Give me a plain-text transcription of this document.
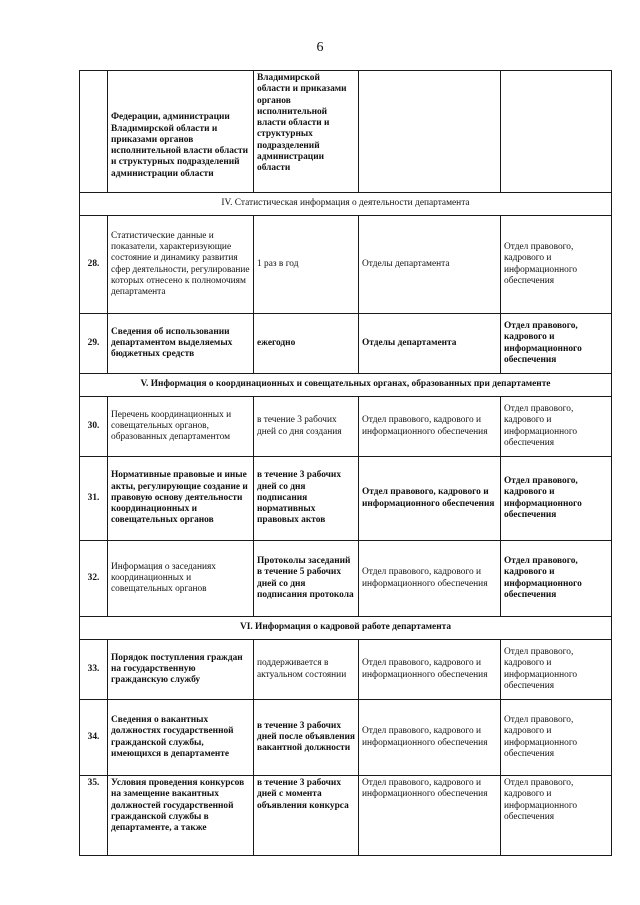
6
	Федерации, администрации Владимирской области и приказами органов исполнительной власти области и структурных подразделений администрации области	Владимирской области и приказами органов исполнительной власти области и структурных подразделений администрации области		
IV. Статистическая информация о деятельности департамента				
28.	Статистические данные и показатели, характеризующие состояние и динамику развития сфер деятельности, регулирование которых отнесено к полномочиям департамента	1 раз в год	Отделы департамента	Отдел правового, кадрового и информационного обеспечения
29.	Сведения об использовании департаментом выделяемых бюджетных средств	ежегодно	Отделы департамента	Отдел правового, кадрового и информационного обеспечения
V. Информация о координационных и совещательных органах, образованных при департаменте				
30.	Перечень координационных и совещательных органов, образованных департаментом	в течение 3 рабочих дней со дня создания	Отдел правового, кадрового и информационного обеспечения	Отдел правового, кадрового и информационного обеспечения
31.	Нормативные правовые и иные акты, регулирующие создание и правовую основу деятельности координационных и совещательных органов	в течение 3 рабочих дней со дня подписания нормативных правовых актов	Отдел правового, кадрового и информационного обеспечения	Отдел правового, кадрового и информационного обеспечения
32.	Информация о заседаниях координационных и совещательных органов	Протоколы заседаний в течение 5 рабочих дней со дня подписания протокола	Отдел правового, кадрового и информационного обеспечения	Отдел правового, кадрового и информационного обеспечения
VI. Информация о кадровой работе департамента				
33.	Порядок поступления граждан на государственную гражданскую службу	поддерживается в актуальном состоянии	Отдел правового, кадрового и информационного обеспечения	Отдел правового, кадрового и информационного обеспечения
34.	Сведения о вакантных должностях государственной гражданской службы, имеющихся в департаменте	в течение 3 рабочих дней после объявления вакантной должности	Отдел правового, кадрового и информационного обеспечения	Отдел правового, кадрового и информационного обеспечения
35.	Условия проведения конкурсов на замещение вакантных должностей государственной гражданской службы в департаменте, а также	в течение 3 рабочих дней с момента объявления конкурса	Отдел правового, кадрового и информационного обеспечения	Отдел правового, кадрового и информационного обеспечения
